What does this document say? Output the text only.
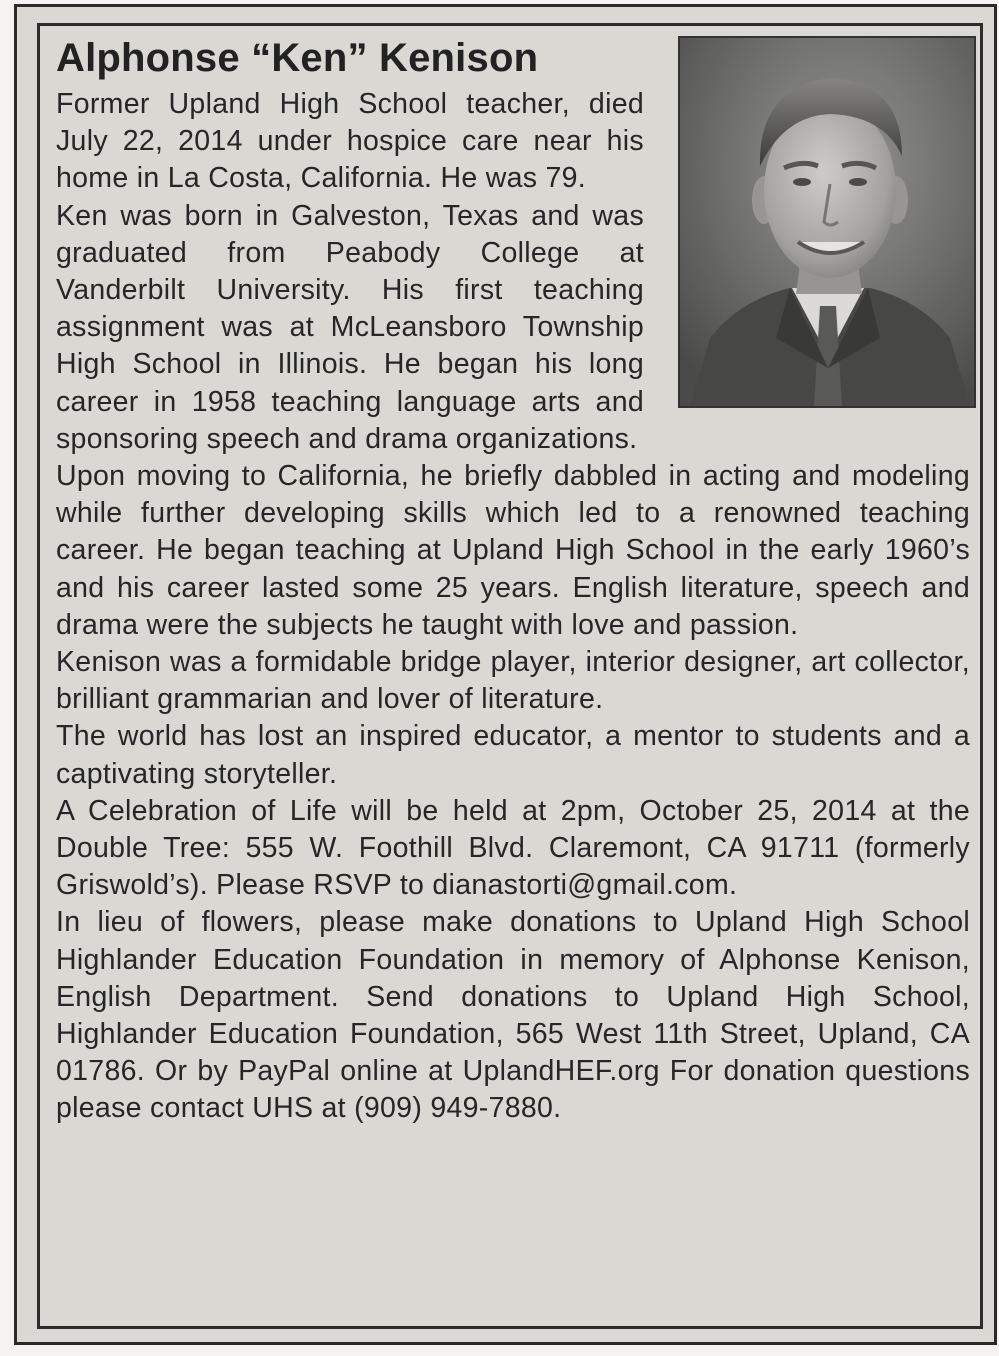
Alphonse “Ken” Kenison

Former Upland High School teacher, died July 22, 2014 under hospice care near his home in La Costa, California. He was 79.

Ken was born in Galveston, Texas and was graduated from Peabody College at Vanderbilt University. His first teaching assignment was at McLeansboro Township High School in Illinois. He began his long career in 1958 teaching language arts and sponsoring speech and drama organizations.

Upon moving to California, he briefly dabbled in acting and modeling while further developing skills which led to a renowned teaching career. He began teaching at Upland High School in the early 1960’s and his career lasted some 25 years. English literature, speech and drama were the subjects he taught with love and passion.

Kenison was a formidable bridge player, interior designer, art collector, brilliant grammarian and lover of literature.

The world has lost an inspired educator, a mentor to students and a captivating storyteller.

A Celebration of Life will be held at 2pm, October 25, 2014 at the Double Tree: 555 W. Foothill Blvd. Claremont, CA 91711 (formerly Griswold’s). Please RSVP to dianastorti@gmail.com.

In lieu of flowers, please make donations to Upland High School Highlander Education Foundation in memory of Alphonse Kenison, English Department. Send donations to Upland High School, Highlander Education Foundation, 565 West 11th Street, Upland, CA 01786. Or by PayPal online at UplandHEF.org For donation questions please contact UHS at (909) 949-7880.
